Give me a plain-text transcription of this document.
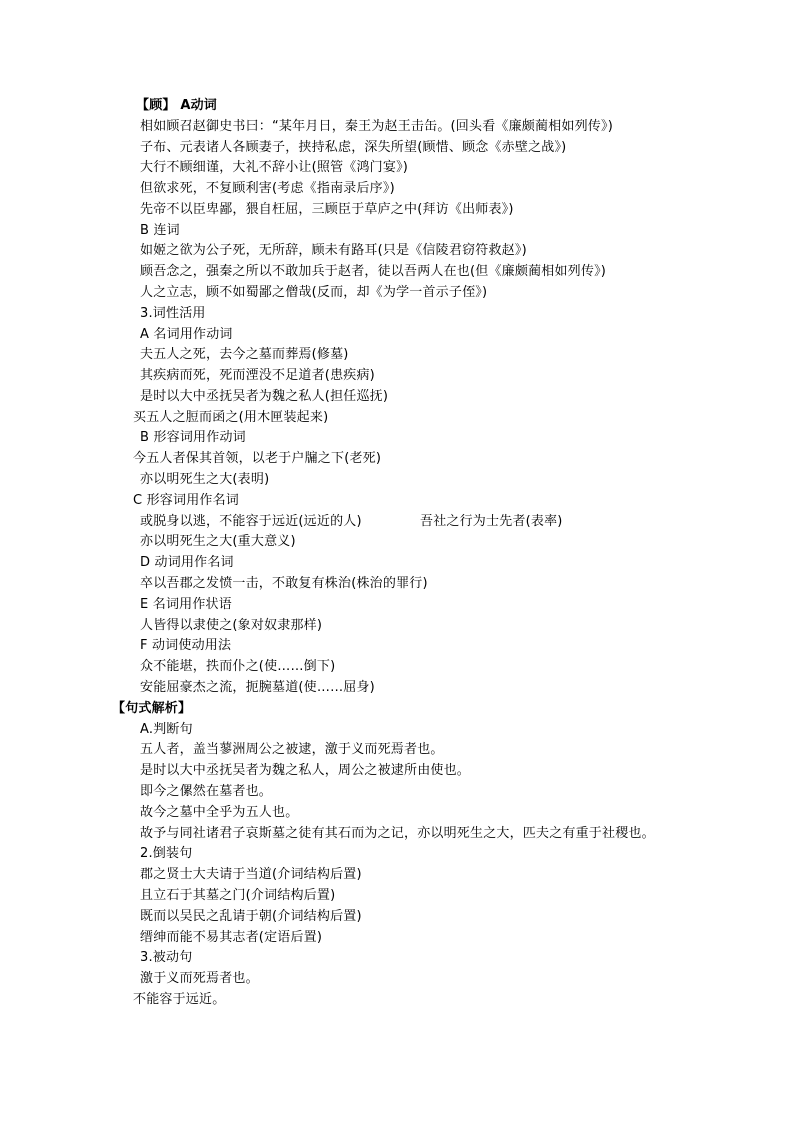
【顾】 A动词
相如顾召赵御史书曰：“某年月日，秦王为赵王击缶。(回头看《廉颇蔺相如列传》)
子布、元表诸人各顾妻子，挟持私虑，深失所望(顾惜、顾念《赤壁之战》)
大行不顾细谨，大礼不辞小让(照管《鸿门宴》)
但欲求死，不复顾利害(考虑《指南录后序》)
先帝不以臣卑鄙，猥自枉屈，三顾臣于草庐之中(拜访《出师表》)
B 连词
如姬之欲为公子死，无所辞，顾未有路耳(只是《信陵君窃符救赵》)
顾吾念之，强秦之所以不敢加兵于赵者，徒以吾两人在也(但《廉颇蔺相如列传》)
人之立志，顾不如蜀鄙之僧哉(反而，却《为学一首示子侄》)
3.词性活用
A 名词用作动词
夫五人之死，去今之墓而葬焉(修墓)
其疾病而死，死而湮没不足道者(患疾病)
是时以大中丞抚吴者为魏之私人(担任巡抚)
买五人之脰而函之(用木匣装起来)
B 形容词用作动词
今五人者保其首领，以老于户牖之下(老死)
亦以明死生之大(表明)
C 形容词用作名词
或脱身以逃，不能容于远近(远近的人)	吾社之行为士先者(表率)
亦以明死生之大(重大意义)
D 动词用作名词
卒以吾郡之发愤一击，不敢复有株治(株治的罪行)
E 名词用作状语
人皆得以隶使之(象对奴隶那样)
F 动词使动用法
众不能堪，抶而仆之(使……倒下)
安能屈豪杰之流，扼腕墓道(使……屈身)
【句式解析】
A.判断句
五人者，盖当蓼洲周公之被逮，激于义而死焉者也。
是时以大中丞抚吴者为魏之私人，周公之被逮所由使也。
即今之傫然在墓者也。
故今之墓中全乎为五人也。
故予与同社诸君子哀斯墓之徒有其石而为之记，亦以明死生之大，匹夫之有重于社稷也。
2.倒装句
郡之贤士大夫请于当道(介词结构后置)
且立石于其墓之门(介词结构后置)
既而以吴民之乱请于朝(介词结构后置)
缙绅而能不易其志者(定语后置)
3.被动句
激于义而死焉者也。
不能容于远近。
